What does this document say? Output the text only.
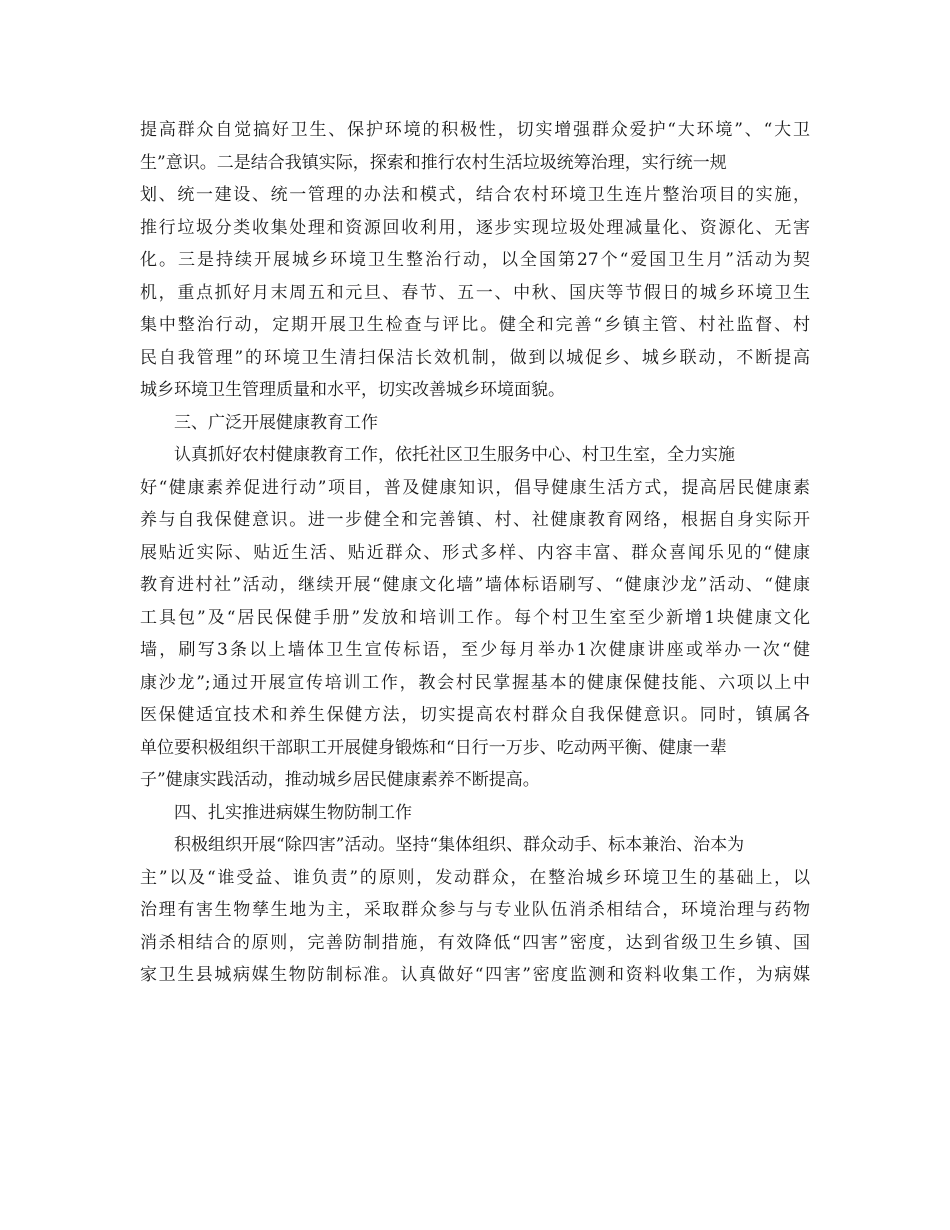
提高群众自觉搞好卫生、保护环境的积极性，切实增强群众爱护“大环境”、“大卫
生”意识。二是结合我镇实际，探索和推行农村生活垃圾统筹治理，实行统一规
划、统一建设、统一管理的办法和模式，结合农村环境卫生连片整治项目的实施，
推行垃圾分类收集处理和资源回收利用，逐步实现垃圾处理减量化、资源化、无害
化。三是持续开展城乡环境卫生整治行动，以全国第27个“爱国卫生月”活动为契
机，重点抓好月末周五和元旦、春节、五一、中秋、国庆等节假日的城乡环境卫生
集中整治行动，定期开展卫生检查与评比。健全和完善“乡镇主管、村社监督、村
民自我管理”的环境卫生清扫保洁长效机制，做到以城促乡、城乡联动，不断提高
城乡环境卫生管理质量和水平，切实改善城乡环境面貌。
三、广泛开展健康教育工作
认真抓好农村健康教育工作，依托社区卫生服务中心、村卫生室，全力实施
好“健康素养促进行动”项目，普及健康知识，倡导健康生活方式，提高居民健康素
养与自我保健意识。进一步健全和完善镇、村、社健康教育网络，根据自身实际开
展贴近实际、贴近生活、贴近群众、形式多样、内容丰富、群众喜闻乐见的“健康
教育进村社”活动，继续开展“健康文化墙”墙体标语刷写、“健康沙龙”活动、“健康
工具包”及“居民保健手册”发放和培训工作。每个村卫生室至少新增1块健康文化
墙，刷写3条以上墙体卫生宣传标语，至少每月举办1次健康讲座或举办一次“健
康沙龙”;通过开展宣传培训工作，教会村民掌握基本的健康保健技能、六项以上中
医保健适宜技术和养生保健方法，切实提高农村群众自我保健意识。同时，镇属各
单位要积极组织干部职工开展健身锻炼和“日行一万步、吃动两平衡、健康一辈
子”健康实践活动，推动城乡居民健康素养不断提高。
四、扎实推进病媒生物防制工作
积极组织开展“除四害”活动。坚持“集体组织、群众动手、标本兼治、治本为
主”以及“谁受益、谁负责”的原则，发动群众，在整治城乡环境卫生的基础上，以
治理有害生物孳生地为主，采取群众参与与专业队伍消杀相结合，环境治理与药物
消杀相结合的原则，完善防制措施，有效降低“四害”密度，达到省级卫生乡镇、国
家卫生县城病媒生物防制标准。认真做好“四害”密度监测和资料收集工作，为病媒
